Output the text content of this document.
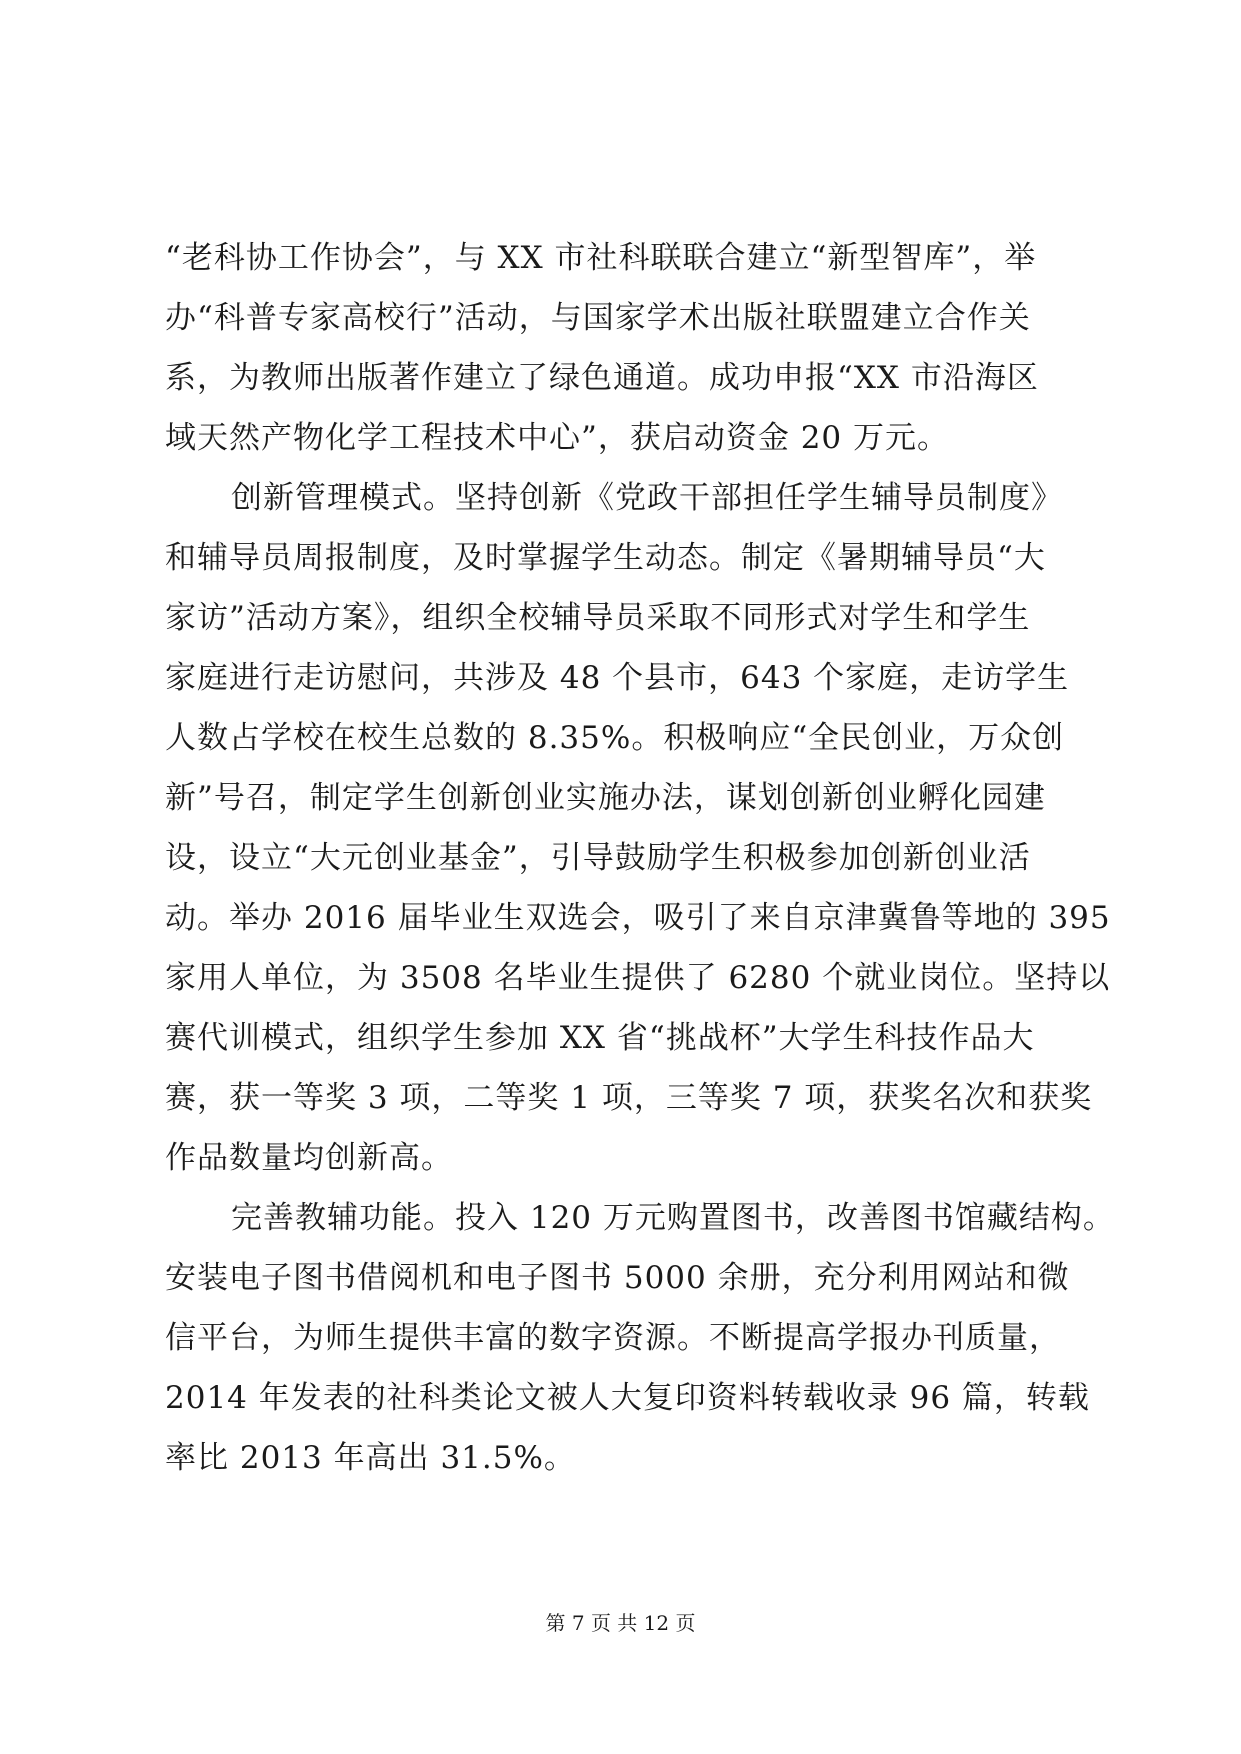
“老科协工作协会”，与 XX 市社科联联合建立“新型智库”，举
办“科普专家高校行”活动，与国家学术出版社联盟建立合作关
系，为教师出版著作建立了绿色通道。成功申报“XX 市沿海区
域天然产物化学工程技术中心”，获启动资金 20 万元。
创新管理模式。坚持创新《党政干部担任学生辅导员制度》
和辅导员周报制度，及时掌握学生动态。制定《暑期辅导员“大
家访”活动方案》，组织全校辅导员采取不同形式对学生和学生
家庭进行走访慰问，共涉及 48 个县市，643 个家庭，走访学生
人数占学校在校生总数的 8.35%。积极响应“全民创业，万众创
新”号召，制定学生创新创业实施办法，谋划创新创业孵化园建
设，设立“大元创业基金”，引导鼓励学生积极参加创新创业活
动。举办 2016 届毕业生双选会，吸引了来自京津冀鲁等地的 395
家用人单位，为 3508 名毕业生提供了 6280 个就业岗位。坚持以
赛代训模式，组织学生参加 XX 省“挑战杯”大学生科技作品大
赛，获一等奖 3 项，二等奖 1 项，三等奖 7 项，获奖名次和获奖
作品数量均创新高。
完善教辅功能。投入 120 万元购置图书，改善图书馆藏结构。
安装电子图书借阅机和电子图书 5000 余册，充分利用网站和微
信平台，为师生提供丰富的数字资源。不断提高学报办刊质量，
2014 年发表的社科类论文被人大复印资料转载收录 96 篇，转载
率比 2013 年高出 31.5%。
第 7 页 共 12 页
